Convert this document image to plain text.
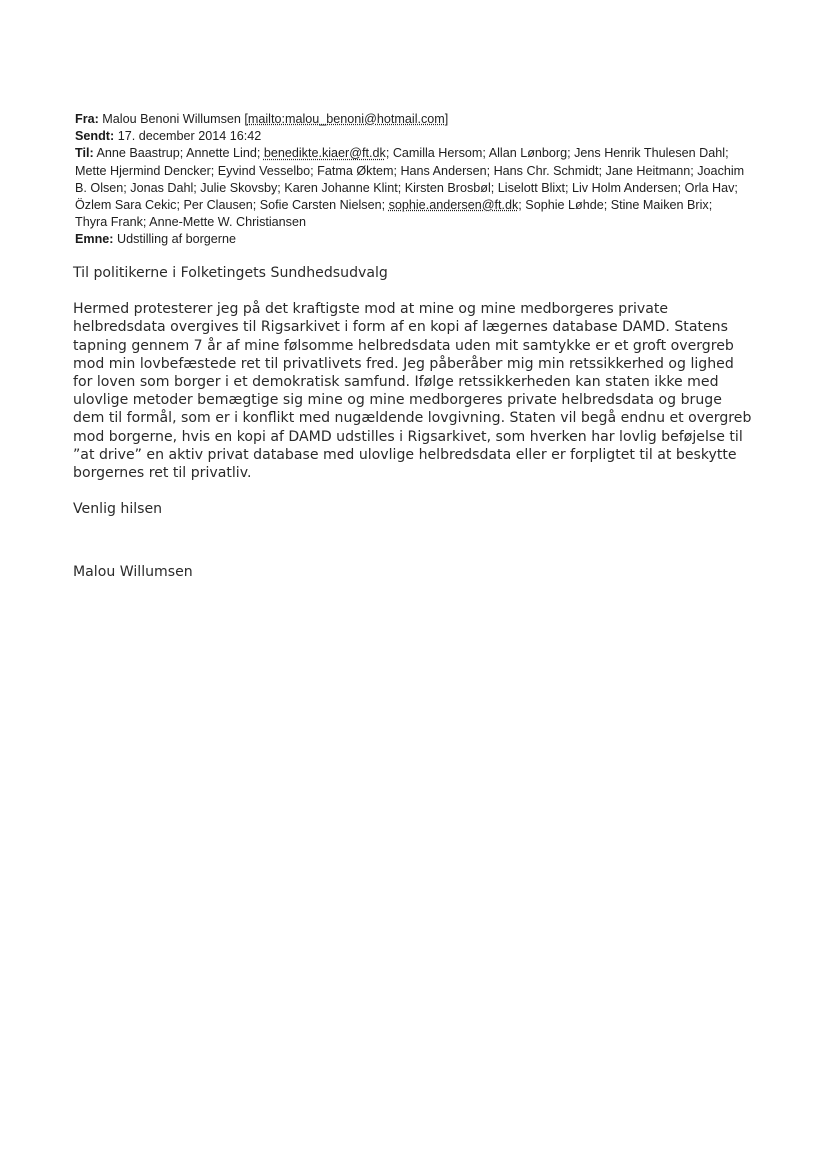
Fra: Malou Benoni Willumsen [mailto:malou_benoni@hotmail.com]

Sendt: 17. december 2014 16:42

Til: Anne Baastrup; Annette Lind; benedikte.kiaer@ft.dk; Camilla Hersom; Allan Lønborg; Jens Henrik Thulesen Dahl; Mette Hjermind Dencker; Eyvind Vesselbo; Fatma Øktem; Hans Andersen; Hans Chr. Schmidt; Jane Heitmann; Joachim B. Olsen; Jonas Dahl; Julie Skovsby; Karen Johanne Klint; Kirsten Brosbøl; Liselott Blixt; Liv Holm Andersen; Orla Hav; Özlem Sara Cekic; Per Clausen; Sofie Carsten Nielsen; sophie.andersen@ft.dk; Sophie Løhde; Stine Maiken Brix; Thyra Frank; Anne-Mette W. Christiansen

Emne: Udstilling af borgerne

Til politikerne i Folketingets Sundhedsudvalg

Hermed protesterer jeg på det kraftigste mod at mine og mine medborgeres private helbredsdata overgives til Rigsarkivet i form af en kopi af lægernes database DAMD. Statens tapning gennem 7 år af mine følsomme helbredsdata uden mit samtykke er et groft overgreb mod min lovbefæstede ret til privatlivets fred. Jeg påberåber mig min retssikkerhed og lighed for loven som borger i et demokratisk samfund. Ifølge retssikkerheden kan staten ikke med ulovlige metoder bemægtige sig mine og mine medborgeres private helbredsdata og bruge dem til formål, som er i konflikt med nugældende lovgivning. Staten vil begå endnu et overgreb mod borgerne, hvis en kopi af DAMD udstilles i Rigsarkivet, som hverken har lovlig beføjelse til ”at drive” en aktiv privat database med ulovlige helbredsdata eller er forpligtet til at beskytte borgernes ret til privatliv.

Venlig hilsen

Malou Willumsen
